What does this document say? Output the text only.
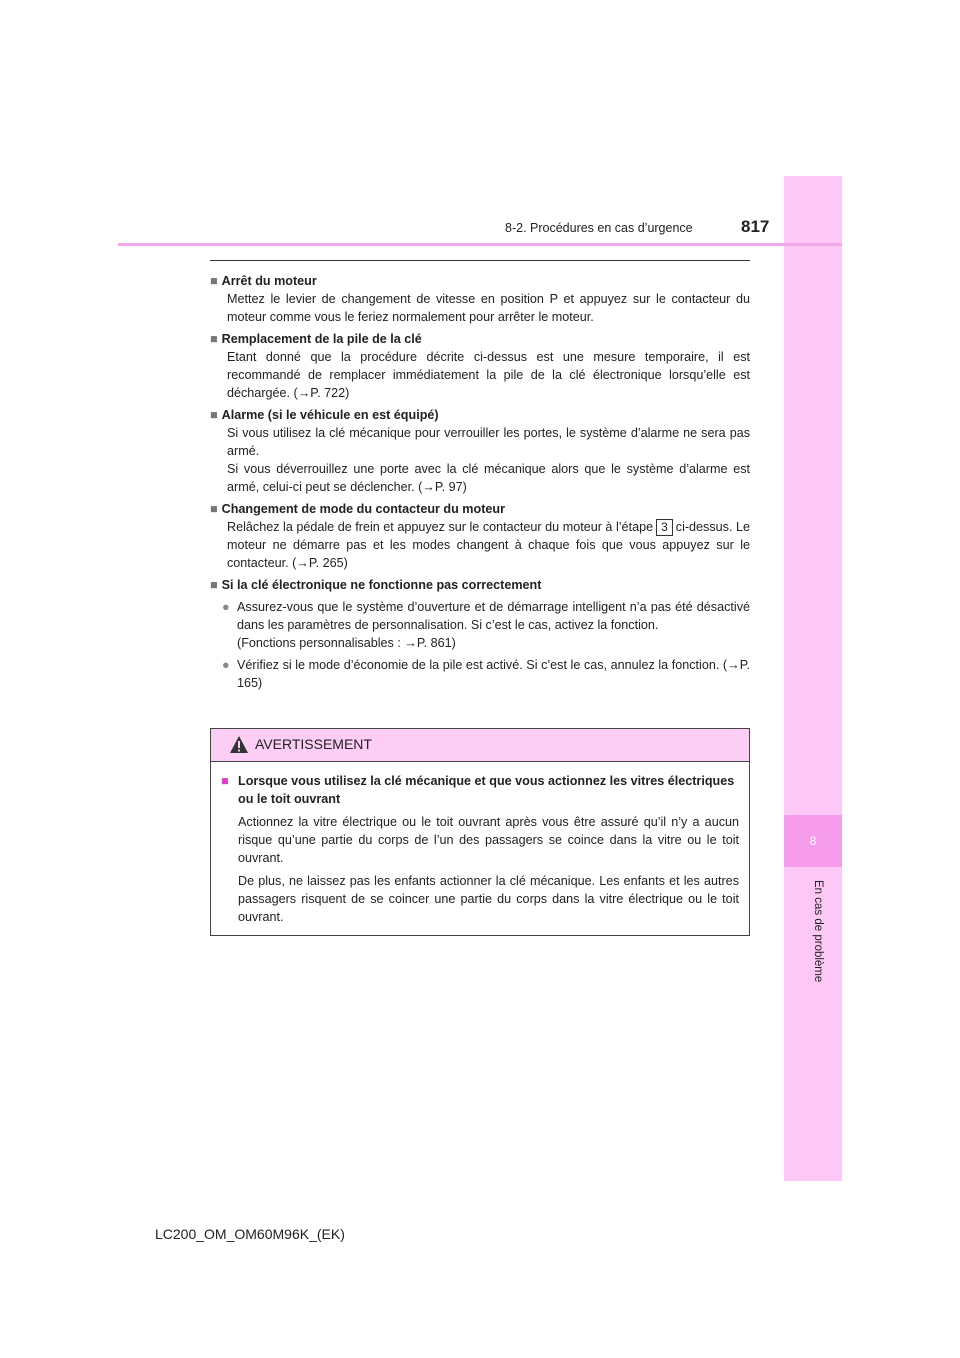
8
En cas de problème
8-2. Procédures en cas d’urgence	817
■ Arrêt du moteur
Mettez le levier de changement de vitesse en position P et appuyez sur le contacteur du moteur comme vous le feriez normalement pour arrêter le moteur.
■ Remplacement de la pile de la clé
Etant donné que la procédure décrite ci-dessus est une mesure temporaire, il est recommandé de remplacer immédiatement la pile de la clé électronique lorsqu’elle est déchargée. (→P. 722)
■ Alarme (si le véhicule en est équipé)
Si vous utilisez la clé mécanique pour verrouiller les portes, le système d’alarme ne sera pas armé.
Si vous déverrouillez une porte avec la clé mécanique alors que le système d’alarme est armé, celui-ci peut se déclencher. (→P. 97)
■ Changement de mode du contacteur du moteur
Relâchez la pédale de frein et appuyez sur le contacteur du moteur à l’étape 3 ci-dessus. Le moteur ne démarre pas et les modes changent à chaque fois que vous appuyez sur le contacteur. (→P. 265)
■ Si la clé électronique ne fonctionne pas correctement
● Assurez-vous que le système d’ouverture et de démarrage intelligent n’a pas été désactivé dans les paramètres de personnalisation. Si c’est le cas, activez la fonction.
(Fonctions personnalisables : →P. 861)
● Vérifiez si le mode d’économie de la pile est activé. Si c’est le cas, annulez la fonction. (→P. 165)
AVERTISSEMENT
■ Lorsque vous utilisez la clé mécanique et que vous actionnez les vitres électriques ou le toit ouvrant
Actionnez la vitre électrique ou le toit ouvrant après vous être assuré qu’il n’y a aucun risque qu’une partie du corps de l’un des passagers se coince dans la vitre ou le toit ouvrant.
De plus, ne laissez pas les enfants actionner la clé mécanique. Les enfants et les autres passagers risquent de se coincer une partie du corps dans la vitre électrique ou le toit ouvrant.
LC200_OM_OM60M96K_(EK)
